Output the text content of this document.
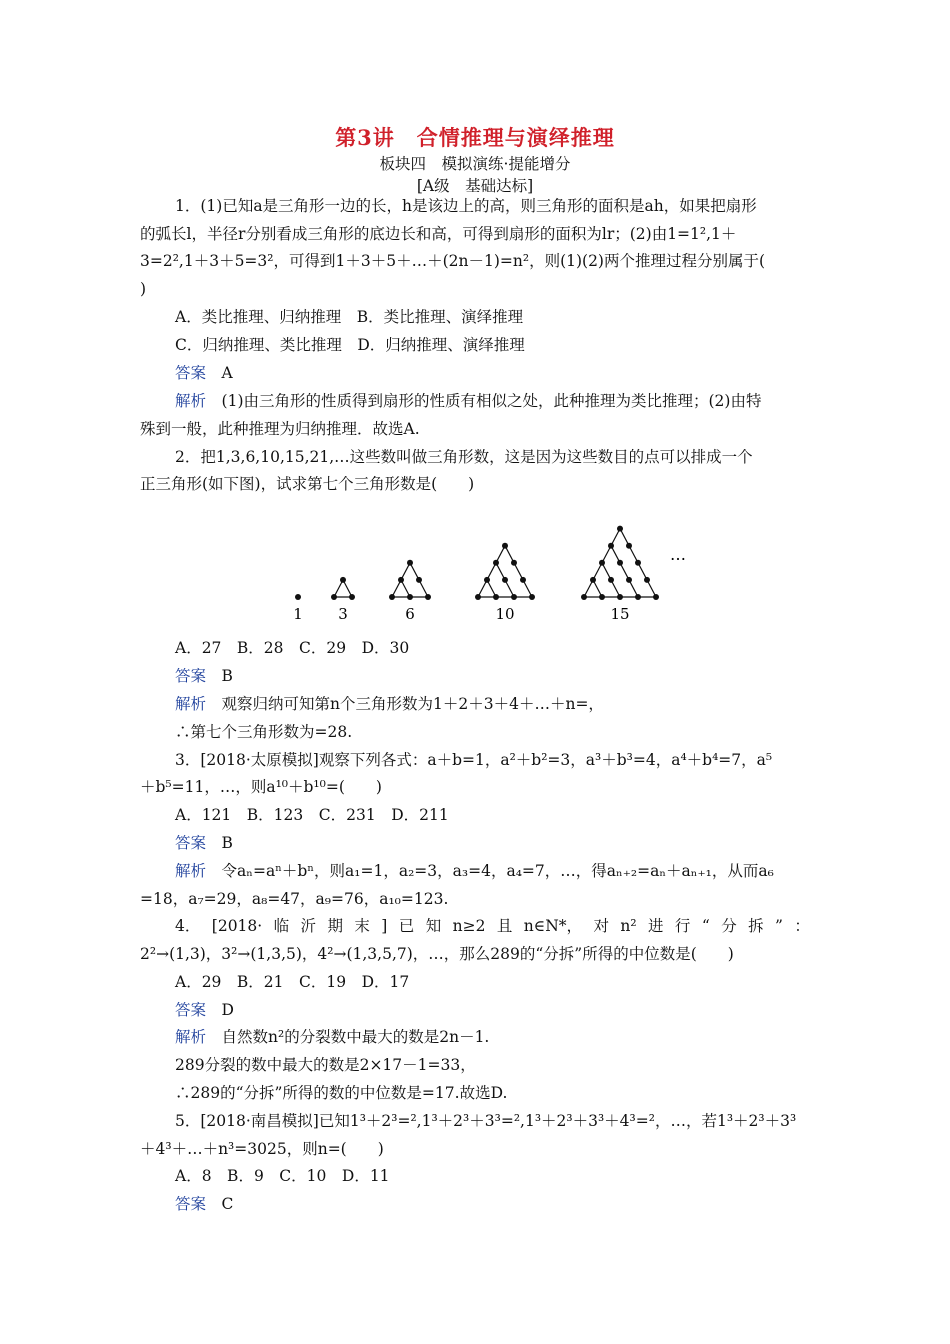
第3讲　合情推理与演绎推理
板块四　模拟演练·提能增分
[A级　基础达标]
1．(1)已知a是三角形一边的长，h是该边上的高，则三角形的面积是ah，如果把扇形
的弧长l，半径r分别看成三角形的底边长和高，可得到扇形的面积为lr；(2)由1=1²,1＋
3=2²,1＋3＋5=3²，可得到1＋3＋5＋…＋(2n－1)=n²，则(1)(2)两个推理过程分别属于(
)
A．类比推理、归纳推理　B．类比推理、演绎推理
C．归纳推理、类比推理　D．归纳推理、演绎推理
答案　 A
解析　 (1)由三角形的性质得到扇形的性质有相似之处，此种推理为类比推理；(2)由特
殊到一般，此种推理为归纳推理．故选A.
2．把1,3,6,10,15,21,…这些数叫做三角形数，这是因为这些数目的点可以排成一个
正三角形(如下图)，试求第七个三角形数是(　　)
1 3	6	10	15
…
A．27　B．28　C．29　D．30
答案　 B
解析　 观察归纳可知第n个三角形数为1＋2＋3＋4＋…＋n=，
∴第七个三角形数为=28.
3．[2018·太原模拟]观察下列各式：a＋b=1，a²＋b²=3，a³＋b³=4，a⁴＋b⁴=7，a⁵
＋b⁵=11，…，则a¹⁰＋b¹⁰=(　　)
A．121　B．123　C．231　D．211
答案　 B
解析　 令aₙ=aⁿ＋bⁿ，则a₁=1，a₂=3，a₃=4，a₄=7，…，得aₙ₊₂=aₙ＋aₙ₊₁，从而a₆
=18，a₇=29，a₈=47，a₉=76，a₁₀=123.
4． [2018· 临 沂 期 末 ] 已 知 n≥2 且 n∈N*， 对 n² 进 行 “ 分 拆 ” ：
2²→(1,3)，3²→(1,3,5)，4²→(1,3,5,7)，…，那么289的“分拆”所得的中位数是(　　)
A．29　B．21　C．19　D．17
答案　 D
解析　 自然数n²的分裂数中最大的数是2n－1.
289分裂的数中最大的数是2×17－1=33，
∴289的“分拆”所得的数的中位数是=17.故选D.
5．[2018·南昌模拟]已知1³＋2³=²,1³＋2³＋3³=²,1³＋2³＋3³＋4³=²，…，若1³＋2³＋3³
＋4³＋…＋n³=3025，则n=(　　)
A．8　B．9　C．10　D．11
答案　 C
